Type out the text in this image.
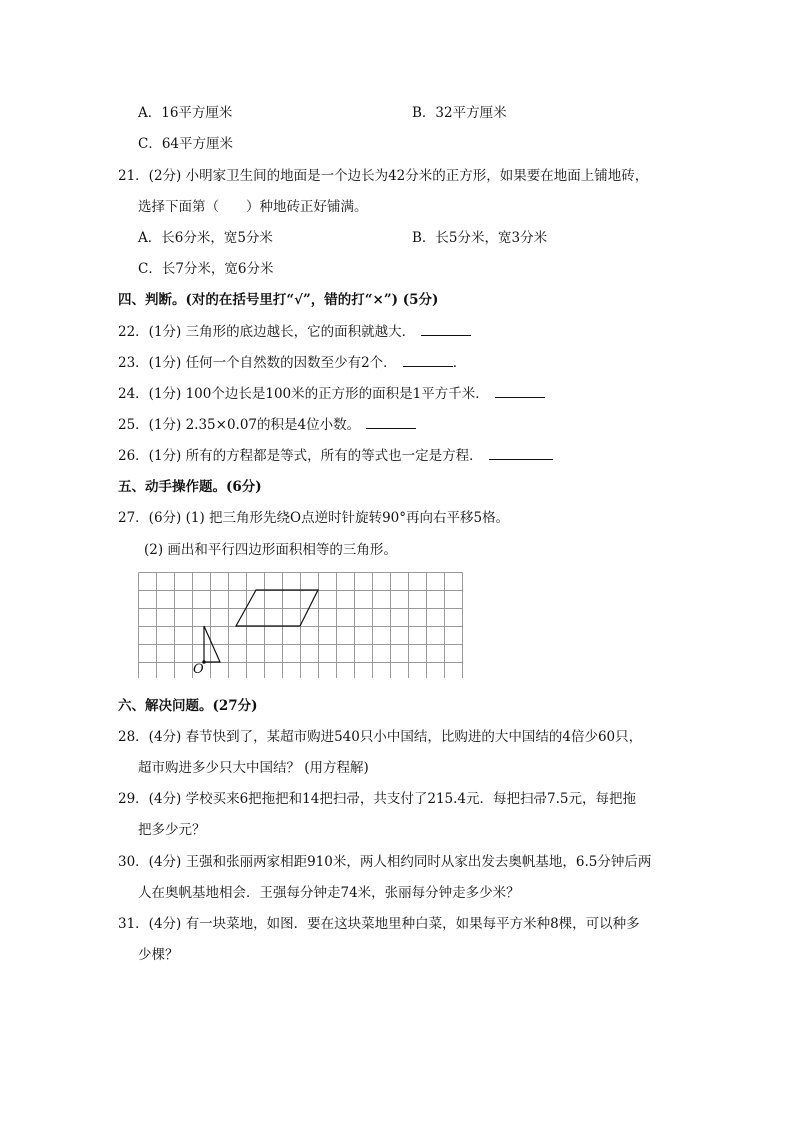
A．16平方厘米	B．32平方厘米
C．64平方厘米
21．(2分) 小明家卫生间的地面是一个边长为42分米的正方形，如果要在地面上铺地砖，
选择下面第（　　）种地砖正好铺满。
A．长6分米，宽5分米	B．长5分米，宽3分米
C．长7分米，宽6分米
四、判断。(对的在括号里打“√”，错的打“×”) (5分)
22．(1分) 三角形的底边越长，它的面积就越大．
23．(1分) 任何一个自然数的因数至少有2个．	．
24．(1分) 100个边长是100米的正方形的面积是1平方千米．
25．(1分) 2.35×0.07的积是4位小数。
26．(1分) 所有的方程都是等式，所有的等式也一定是方程．
五、动手操作题。(6分)
27．(6分) (1) 把三角形先绕O点逆时针旋转90°再向右平移5格。
(2) 画出和平行四边形面积相等的三角形。
O
六、解决问题。(27分)
28．(4分) 春节快到了，某超市购进540只小中国结，比购进的大中国结的4倍少60只，
超市购进多少只大中国结？ (用方程解)
29．(4分) 学校买来6把拖把和14把扫帚，共支付了215.4元．每把扫帚7.5元，每把拖
把多少元？
30．(4分) 王强和张丽两家相距910米，两人相约同时从家出发去奥帆基地，6.5分钟后两
人在奥帆基地相会．王强每分钟走74米，张丽每分钟走多少米？
31．(4分) 有一块菜地，如图．要在这块菜地里种白菜，如果每平方米种8棵，可以种多
少棵？
